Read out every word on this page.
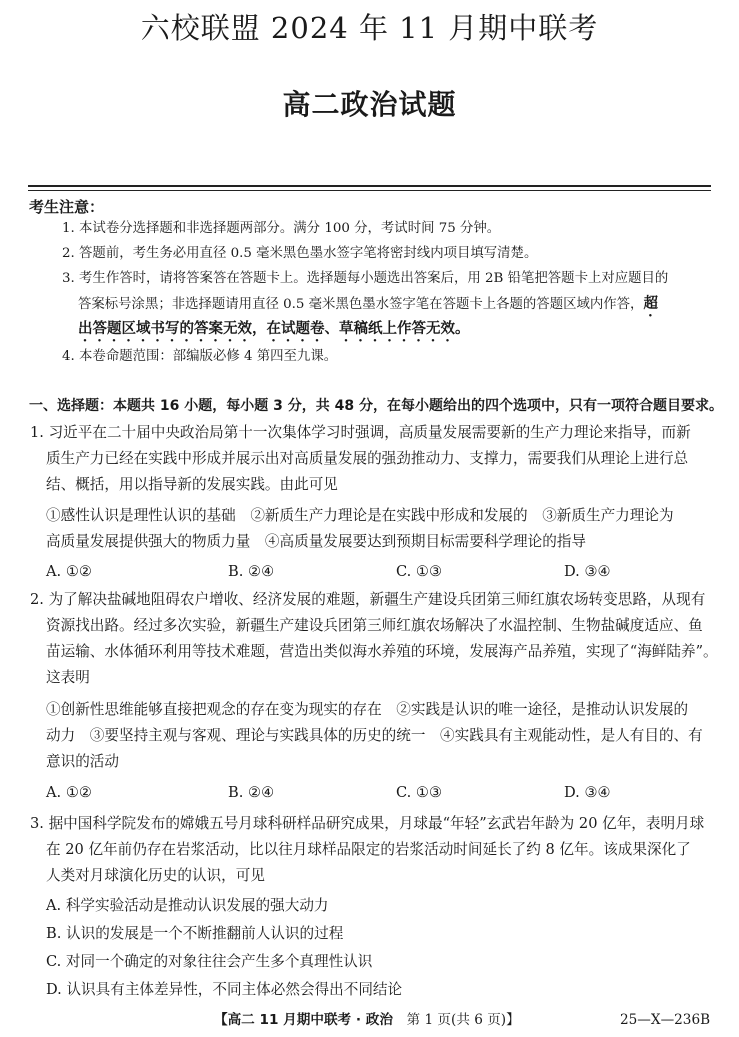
六校联盟 2024 年 11 月期中联考
高二政治试题
考生注意：
1. 本试卷分选择题和非选择题两部分。满分 100 分，考试时间 75 分钟。
2. 答题前，考生务必用直径 0.5 毫米黑色墨水签字笔将密封线内项目填写清楚。
3. 考生作答时，请将答案答在答题卡上。选择题每小题选出答案后，用 2B 铅笔把答题卡上对应题目的
答案标号涂黑；非选择题请用直径 0.5 毫米黑色墨水签字笔在答题卡上各题的答题区域内作答，超
出答题区域书写的答案无效，在试题卷、草稿纸上作答无效。
4. 本卷命题范围：部编版必修 4 第四至九课。
一、选择题：本题共 16 小题，每小题 3 分，共 48 分，在每小题给出的四个选项中，只有一项符合题目要求。
1. 习近平在二十届中央政治局第十一次集体学习时强调，高质量发展需要新的生产力理论来指导，而新
质生产力已经在实践中形成并展示出对高质量发展的强劲推动力、支撑力，需要我们从理论上进行总
结、概括，用以指导新的发展实践。由此可见
①感性认识是理性认识的基础　②新质生产力理论是在实践中形成和发展的　③新质生产力理论为
高质量发展提供强大的物质力量　④高质量发展要达到预期目标需要科学理论的指导
A. ①②	B. ②④	C. ①③	D. ③④
2. 为了解决盐碱地阻碍农户增收、经济发展的难题，新疆生产建设兵团第三师红旗农场转变思路，从现有
资源找出路。经过多次实验，新疆生产建设兵团第三师红旗农场解决了水温控制、生物盐碱度适应、鱼
苗运输、水体循环利用等技术难题，营造出类似海水养殖的环境，发展海产品养殖，实现了“海鲜陆养”。
这表明
①创新性思维能够直接把观念的存在变为现实的存在　②实践是认识的唯一途径，是推动认识发展的
动力　③要坚持主观与客观、理论与实践具体的历史的统一　④实践具有主观能动性，是人有目的、有
意识的活动
A. ①②	B. ②④	C. ①③	D. ③④
3. 据中国科学院发布的嫦娥五号月球科研样品研究成果，月球最“年轻”玄武岩年龄为 20 亿年，表明月球
在 20 亿年前仍存在岩浆活动，比以往月球样品限定的岩浆活动时间延长了约 8 亿年。该成果深化了
人类对月球演化历史的认识，可见
A. 科学实验活动是推动认识发展的强大动力
B. 认识的发展是一个不断推翻前人认识的过程
C. 对同一个确定的对象往往会产生多个真理性认识
D. 认识具有主体差异性，不同主体必然会得出不同结论
【高二 11 月期中联考 · 政治　第 1 页(共 6 页)】	25—X—236B
